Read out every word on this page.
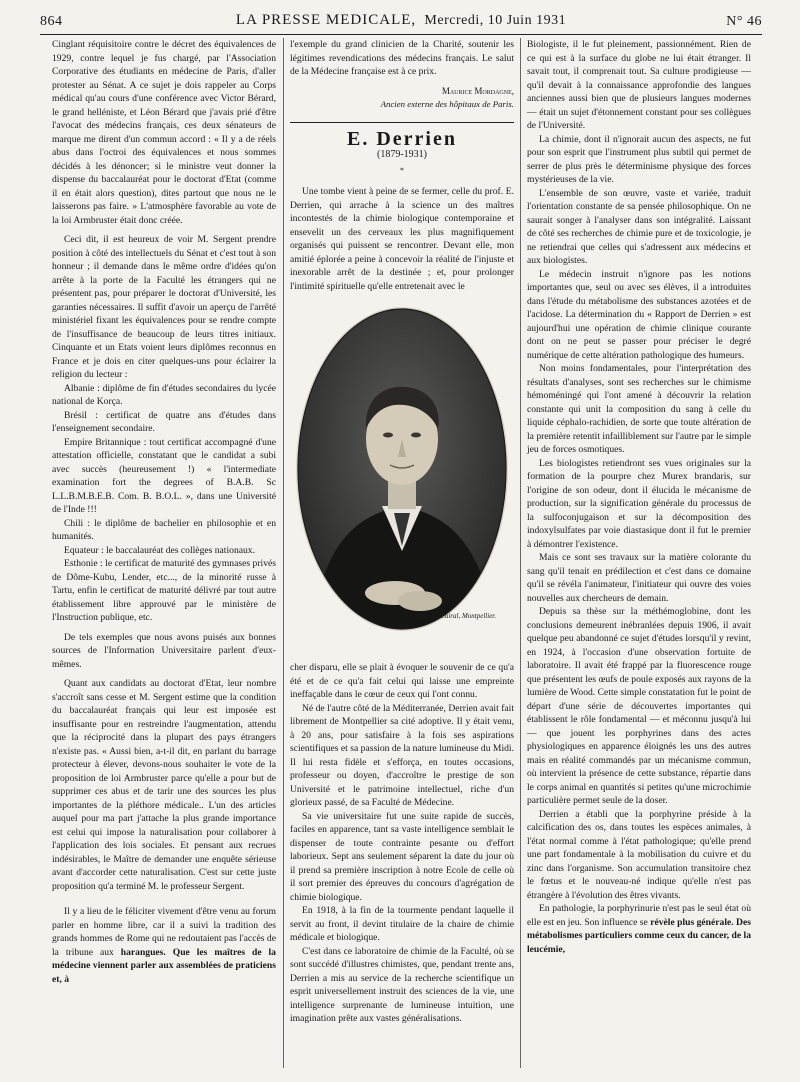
864	LA PRESSE MEDICALE, Mercredi, 10 Juin 1931	N° 46

Cinglant réquisitoire contre le décret des équivalences de 1929, contre lequel je fus chargé, par l'Association Corporative des étudiants en médecine de Paris, d'aller protester au Sénat. A ce sujet je dois rappeler au Corps médical qu'au cours d'une conférence avec Victor Bérard, le grand helléniste, et Léon Bérard que j'avais prié d'être l'avocat des médecins français, ces deux sénateurs de marque me dirent d'un commun accord : « Il y a de réels abus dans l'octroi des équivalences et nous sommes décidés à les dénoncer; si le ministre veut donner la dispense du baccalauréat pour le doctorat d'Etat (comme il en était alors question), dites partout que nous ne le laisserons pas faire. » L'atmosphère favorable au vote de la loi Armbruster était donc créée.

Ceci dit, il est heureux de voir M. Sergent prendre position à côté des intellectuels du Sénat et c'est tout à son honneur ; il demande dans le même ordre d'idées qu'on arrête à la porte de la Faculté les étrangers qui ne présentent pas, pour préparer le doctorat d'Université, les garanties nécessaires. Il suffit d'avoir un aperçu de l'arrêté ministériel fixant les équivalences pour se rendre compte de l'insuffisance de beaucoup de leurs titres initiaux. Cinquante et un Etats voient leurs diplômes reconnus en France et je dois en citer quelques-uns pour éclairer la religion du lecteur :

Albanie : diplôme de fin d'études secondaires du lycée national de Korça.

Brésil : certificat de quatre ans d'études dans l'enseignement secondaire.

Empire Britannique : tout certificat accompagné d'une attestation officielle, constatant que le candidat a subi avec succès (heureusement !) « l'intermediate examination fort the degrees of B.A.B. Sc L.L.B.M.B.E.B. Com. B. B.O.L. », dans une Université de l'Inde !!!

Chili : le diplôme de bachelier en philosophie et en humanités.

Equateur : le baccalauréat des collèges nationaux.

Esthonie : le certificat de maturité des gymnases privés de Dôme-Kubu, Lender, etc..., de la minorité russe à Tartu, enfin le certificat de maturité délivré par tout autre établissement libre approuvé par le ministère de l'Instruction publique, etc.

De tels exemples que nous avons puisés aux bonnes sources de l'Information Universitaire parlent d'eux-mêmes.

Quant aux candidats au doctorat d'Etat, leur nombre s'accroît sans cesse et M. Sergent estime que la condition du baccalauréat français qui leur est imposée est insuffisante pour en restreindre l'augmentation, attendu que la réciprocité dans la plupart des pays étrangers n'existe pas. « Aussi bien, a-t-il dit, en parlant du barrage protecteur à élever, devons-nous souhaiter le vote de la proposition de loi Armbruster parce qu'elle a pour but de supprimer ces abus et de tarir une des sources les plus importantes de la pléthore médicale.. L'un des articles auquel pour ma part j'attache la plus grande importance est celui qui impose la naturalisation pour collaborer à l'application des lois sociales. Et pensant aux recrues indésirables, le Maître de demander une enquête sérieuse avant d'accorder cette naturalisation. C'est sur cette juste proposition qu'a terminé M. le professeur Sergent.

Il y a lieu de le féliciter vivement d'être venu au forum parler en homme libre, car il a suivi la tradition des grands hommes de Rome qui ne redoutaient pas l'accès de la tribune aux harangues. Que les maîtres de la médecine viennent parler aux assemblées de praticiens et, à

l'exemple du grand clinicien de la Charité, soutenir les légitimes revendications des médecins français. Le salut de la Médecine française est à ce prix.

Maurice Mordagne,

Ancien externe des hôpitaux de Paris.

E. Derrien
(1879-1931)
*

Une tombe vient à peine de se fermer, celle du prof. E. Derrien, qui arrache à la science un des maîtres incontestés de la chimie biologique contemporaine et ensevelit un des cerveaux les plus magnifiquement organisés qui puissent se rencontrer. Devant elle, mon amitié éplorée a peine à concevoir la réalité de l'injuste et inexorable arrêt de la destinée ; et, pour prolonger l'intimité spirituelle qu'elle entretenait avec le

Photo L. Cuiral, Montpellier.

cher disparu, elle se plait à évoquer le souvenir de ce qu'a été et de ce qu'a fait celui qui laisse une empreinte ineffaçable dans le cœur de ceux qui l'ont connu.

Né de l'autre côté de la Méditerranée, Derrien avait fait librement de Montpellier sa cité adoptive. Il y était venu, à 20 ans, pour satisfaire à la fois ses aspirations scientifiques et sa passion de la nature lumineuse du Midi. Il lui resta fidèle et s'efforça, en toutes occasions, professeur ou doyen, d'accroître le prestige de son Université et le patrimoine intellectuel, riche d'un glorieux passé, de sa Faculté de Médecine.

Sa vie universitaire fut une suite rapide de succès, faciles en apparence, tant sa vaste intelligence semblait le dispenser de toute contrainte pesante ou d'effort laborieux. Sept ans seulement séparent la date du jour où il prend sa première inscription à notre Ecole de celle où il sort premier des épreuves du concours d'agrégation de chimie biologique.

En 1918, à la fin de la tourmente pendant laquelle il servit au front, il devint titulaire de la chaire de chimie médicale et biologique.

C'est dans ce laboratoire de chimie de la Faculté, où se sont succédé d'illustres chimistes, que, pendant trente ans, Derrien a mis au service de la recherche scientifique un esprit universellement instruit des sciences de la vie, une intelligence surprenante de lumineuse intuition, une imagination prête aux vastes généralisations.

Biologiste, il le fut pleinement, passionnément. Rien de ce qui est à la surface du globe ne lui était étranger. Il savait tout, il comprenait tout. Sa culture prodigieuse — qu'il devait à la connaissance approfondie des langues anciennes aussi bien que de plusieurs langues modernes — était un sujet d'étonnement constant pour ses collègues de l'Université.

La chimie, dont il n'ignorait aucun des aspects, ne fut pour son esprit que l'instrument plus subtil qui permet de serrer de plus près le déterminisme physique des forces mystérieuses de la vie.

L'ensemble de son œuvre, vaste et variée, traduit l'orientation constante de sa pensée philosophique. On ne saurait songer à l'analyser dans son intégralité. Laissant de côté ses recherches de chimie pure et de toxicologie, je ne retiendrai que celles qui s'adressent aux médecins et aux biologistes.

Le médecin instruit n'ignore pas les notions importantes que, seul ou avec ses élèves, il a introduites dans l'étude du métabolisme des substances azotées et de l'acidose. La détermination du « Rapport de Derrien » est aujourd'hui une opération de chimie clinique courante dont on ne peut se passer pour préciser le degré numérique de cette altération pathologique des humeurs.

Non moins fondamentales, pour l'interprétation des résultats d'analyses, sont ses recherches sur le chimisme hémoméningé qui l'ont amené à découvrir la relation constante qui unit la composition du sang à celle du liquide céphalo-rachidien, de sorte que toute altération de la première retentit infailliblement sur l'autre par le simple jeu de forces osmotiques.

Les biologistes retiendront ses vues originales sur la formation de la pourpre chez Murex brandaris, sur l'origine de son odeur, dont il élucida le mécanisme de production, sur la signification générale du processus de la sulfoconjugaison et sur la décomposition des indoxylsulfates par voie diastasique dont il fut le premier à démontrer l'existence.

Mais ce sont ses travaux sur la matière colorante du sang qu'il tenait en prédilection et c'est dans ce domaine qu'il se révéla l'animateur, l'initiateur qui ouvre des voies nouvelles aux chercheurs de demain.

Depuis sa thèse sur la méthémoglobine, dont les conclusions demeurent inébranlées depuis 1906, il avait quelque peu abandonné ce sujet d'études lorsqu'il y revint, en 1924, à l'occasion d'une observation fortuite de laboratoire. Il avait été frappé par la fluorescence rouge que présentent les œufs de poule exposés aux rayons de la lumière de Wood. Cette simple constatation fut le point de départ d'une série de découvertes importantes qui établissent le rôle fondamental — et méconnu jusqu'à lui — que jouent les porphyrines dans des actes physiologiques en apparence éloignés les uns des autres mais en réalité commandés par un mécanisme commun, où intervient la présence de cette substance, répartie dans le corps animal en quantités si petites qu'une microchimie particulière permet seule de la doser.

Derrien a établi que la porphyrine préside à la calcification des os, dans toutes les espèces animales, à l'état normal comme à l'état pathologique; qu'elle prend une part fondamentale à la mobilisation du cuivre et du zinc dans l'organisme. Son accumulation transitoire chez le fœtus et le nouveau-né indique qu'elle n'est pas étrangère à l'évolution des êtres vivants.

En pathologie, la porphyrinurie n'est pas le seul état où elle est en jeu. Son influence se révèle plus générale. Des métabolismes particuliers comme ceux du cancer, de la leucémie,
